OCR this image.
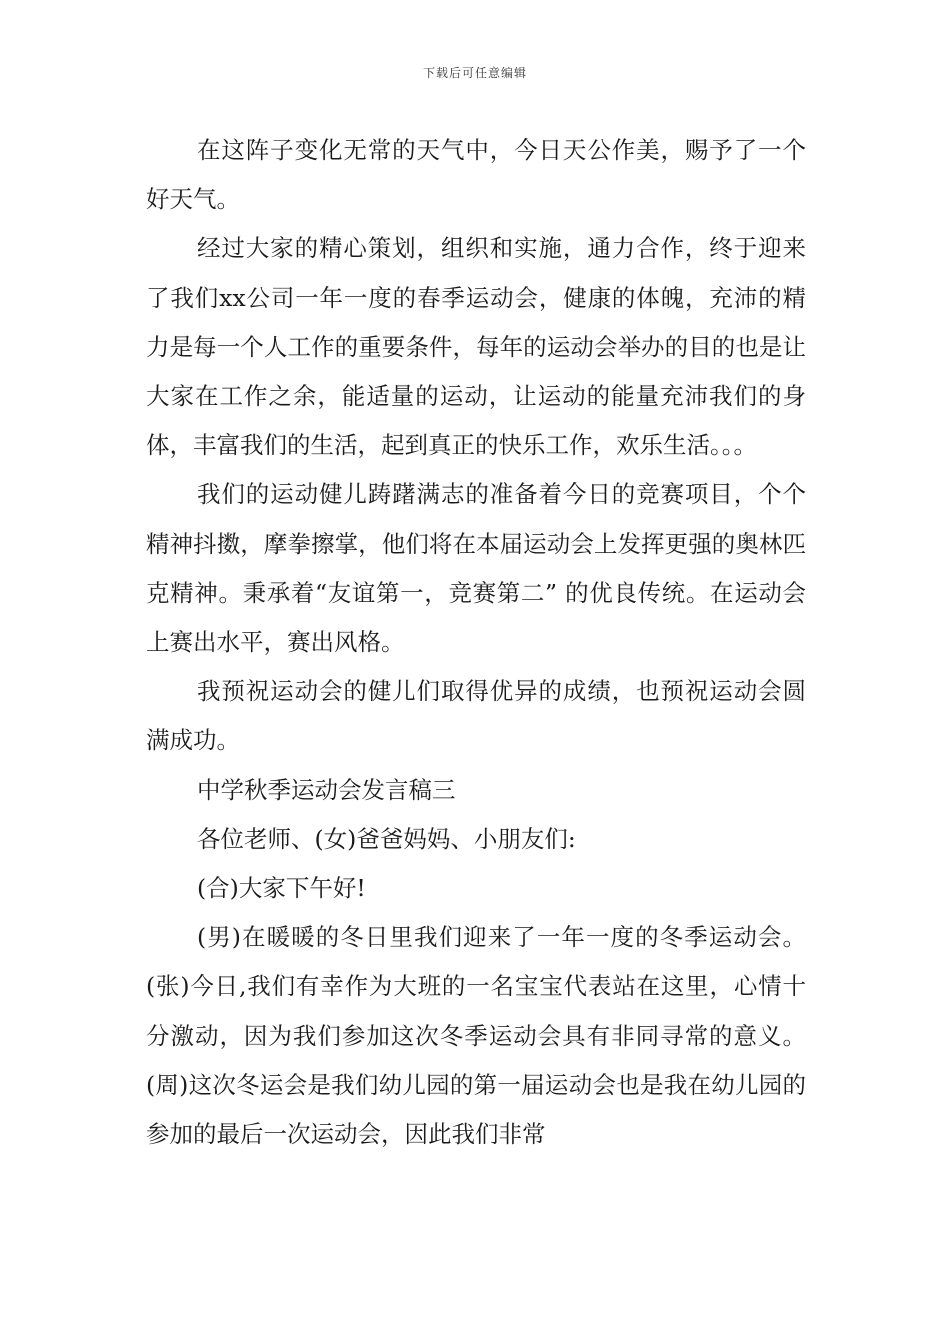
下载后可任意编辑

在这阵子变化无常的天气中，今日天公作美，赐予了一个好天气。

经过大家的精心策划，组织和实施，通力合作，终于迎来了我们xx公司一年一度的春季运动会，健康的体魄，充沛的精力是每一个人工作的重要条件，每年的运动会举办的目的也是让大家在工作之余，能适量的运动，让运动的能量充沛我们的身体，丰富我们的生活，起到真正的快乐工作，欢乐生活。。。

我们的运动健儿踌躇满志的准备着今日的竞赛项目，个个精神抖擞，摩拳擦掌，他们将在本届运动会上发挥更强的奥林匹克精神。秉承着“友谊第一，竞赛第二” 的优良传统。在运动会上赛出水平，赛出风格。

我预祝运动会的健儿们取得优异的成绩，也预祝运动会圆满成功。

中学秋季运动会发言稿三

各位老师、(女)爸爸妈妈、小朋友们:

(合)大家下午好!

(男)在暖暖的冬日里我们迎来了一年一度的冬季运动会。(张)今日,我们有幸作为大班的一名宝宝代表站在这里，心情十分激动，因为我们参加这次冬季运动会具有非同寻常的意义。(周)这次冬运会是我们幼儿园的第一届运动会也是我在幼儿园的参加的最后一次运动会，因此我们非常
